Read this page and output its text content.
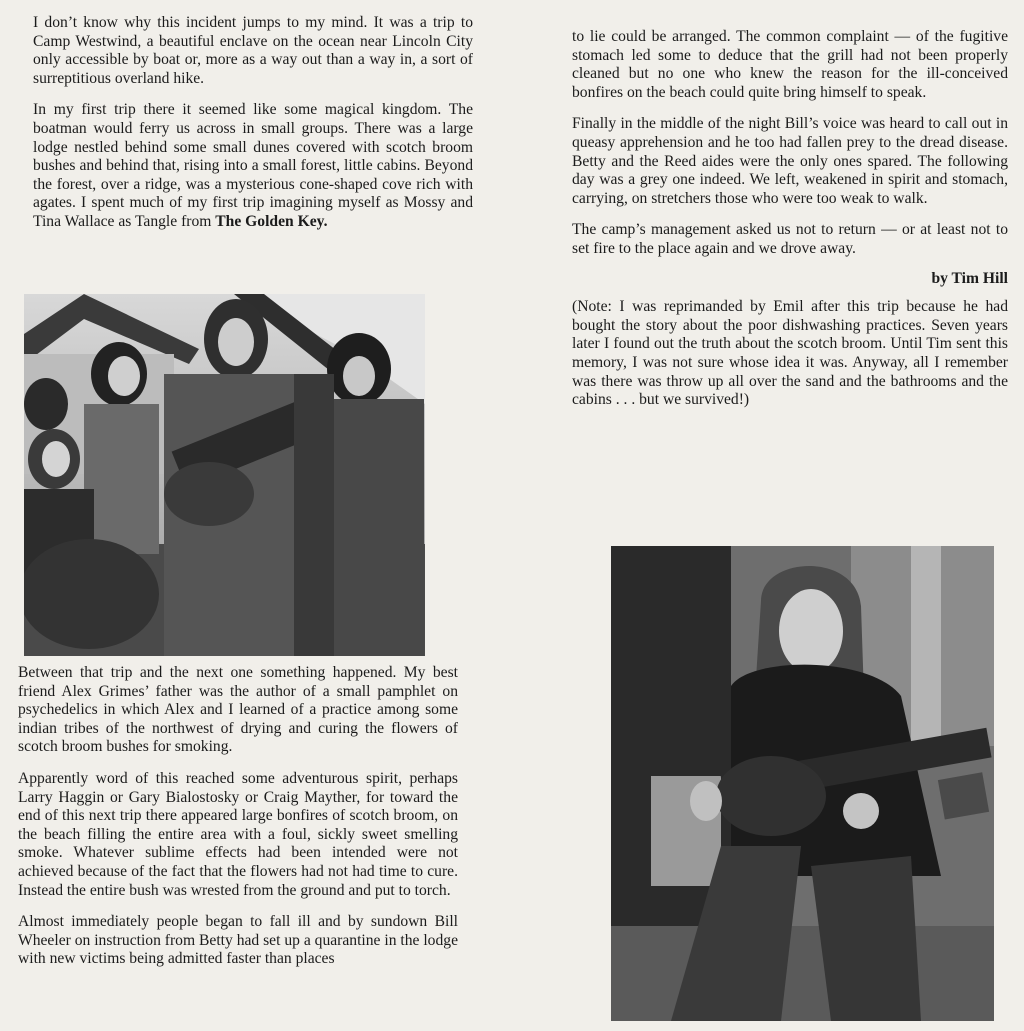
I don’t know why this incident jumps to my mind. It was a trip to Camp Westwind, a beautiful enclave on the ocean near Lincoln City only accessible by boat or, more as a way out than a way in, a sort of surreptitious overland hike.

In my first trip there it seemed like some magical kingdom. The boatman would ferry us across in small groups. There was a large lodge nestled behind some small dunes covered with scotch broom bushes and behind that, rising into a small forest, little cabins. Beyond the forest, over a ridge, was a mysterious cone-shaped cove rich with agates. I spent much of my first trip imagining myself as Mossy and Tina Wallace as Tangle from The Golden Key.

Between that trip and the next one something happened. My best friend Alex Grimes’ father was the author of a small pamphlet on psychedelics in which Alex and I learned of a practice among some indian tribes of the northwest of drying and curing the flowers of scotch broom bushes for smoking.

Apparently word of this reached some adventurous spirit, perhaps Larry Haggin or Gary Bialostosky or Craig Mayther, for toward the end of this next trip there appeared large bonfires of scotch broom, on the beach filling the entire area with a foul, sickly sweet smelling smoke. Whatever sublime effects had been intended were not achieved because of the fact that the flowers had not had time to cure. Instead the entire bush was wrested from the ground and put to torch.

Almost immediately people began to fall ill and by sundown Bill Wheeler on instruction from Betty had set up a quarantine in the lodge with new victims being admitted faster than places

to lie could be arranged. The common complaint — of the fugitive stomach led some to deduce that the grill had not been properly cleaned but no one who knew the reason for the ill-conceived bonfires on the beach could quite bring himself to speak.

Finally in the middle of the night Bill’s voice was heard to call out in queasy apprehension and he too had fallen prey to the dread disease. Betty and the Reed aides were the only ones spared. The following day was a grey one indeed. We left, weakened in spirit and stomach, carrying, on stretchers those who were too weak to walk.

The camp’s management asked us not to return — or at least not to set fire to the place again and we drove away.

by Tim Hill

(Note: I was reprimanded by Emil after this trip because he had bought the story about the poor dishwashing practices. Seven years later I found out the truth about the scotch broom. Until Tim sent this memory, I was not sure whose idea it was. Anyway, all I remember was there was throw up all over the sand and the bathrooms and the cabins . . . but we survived!)
